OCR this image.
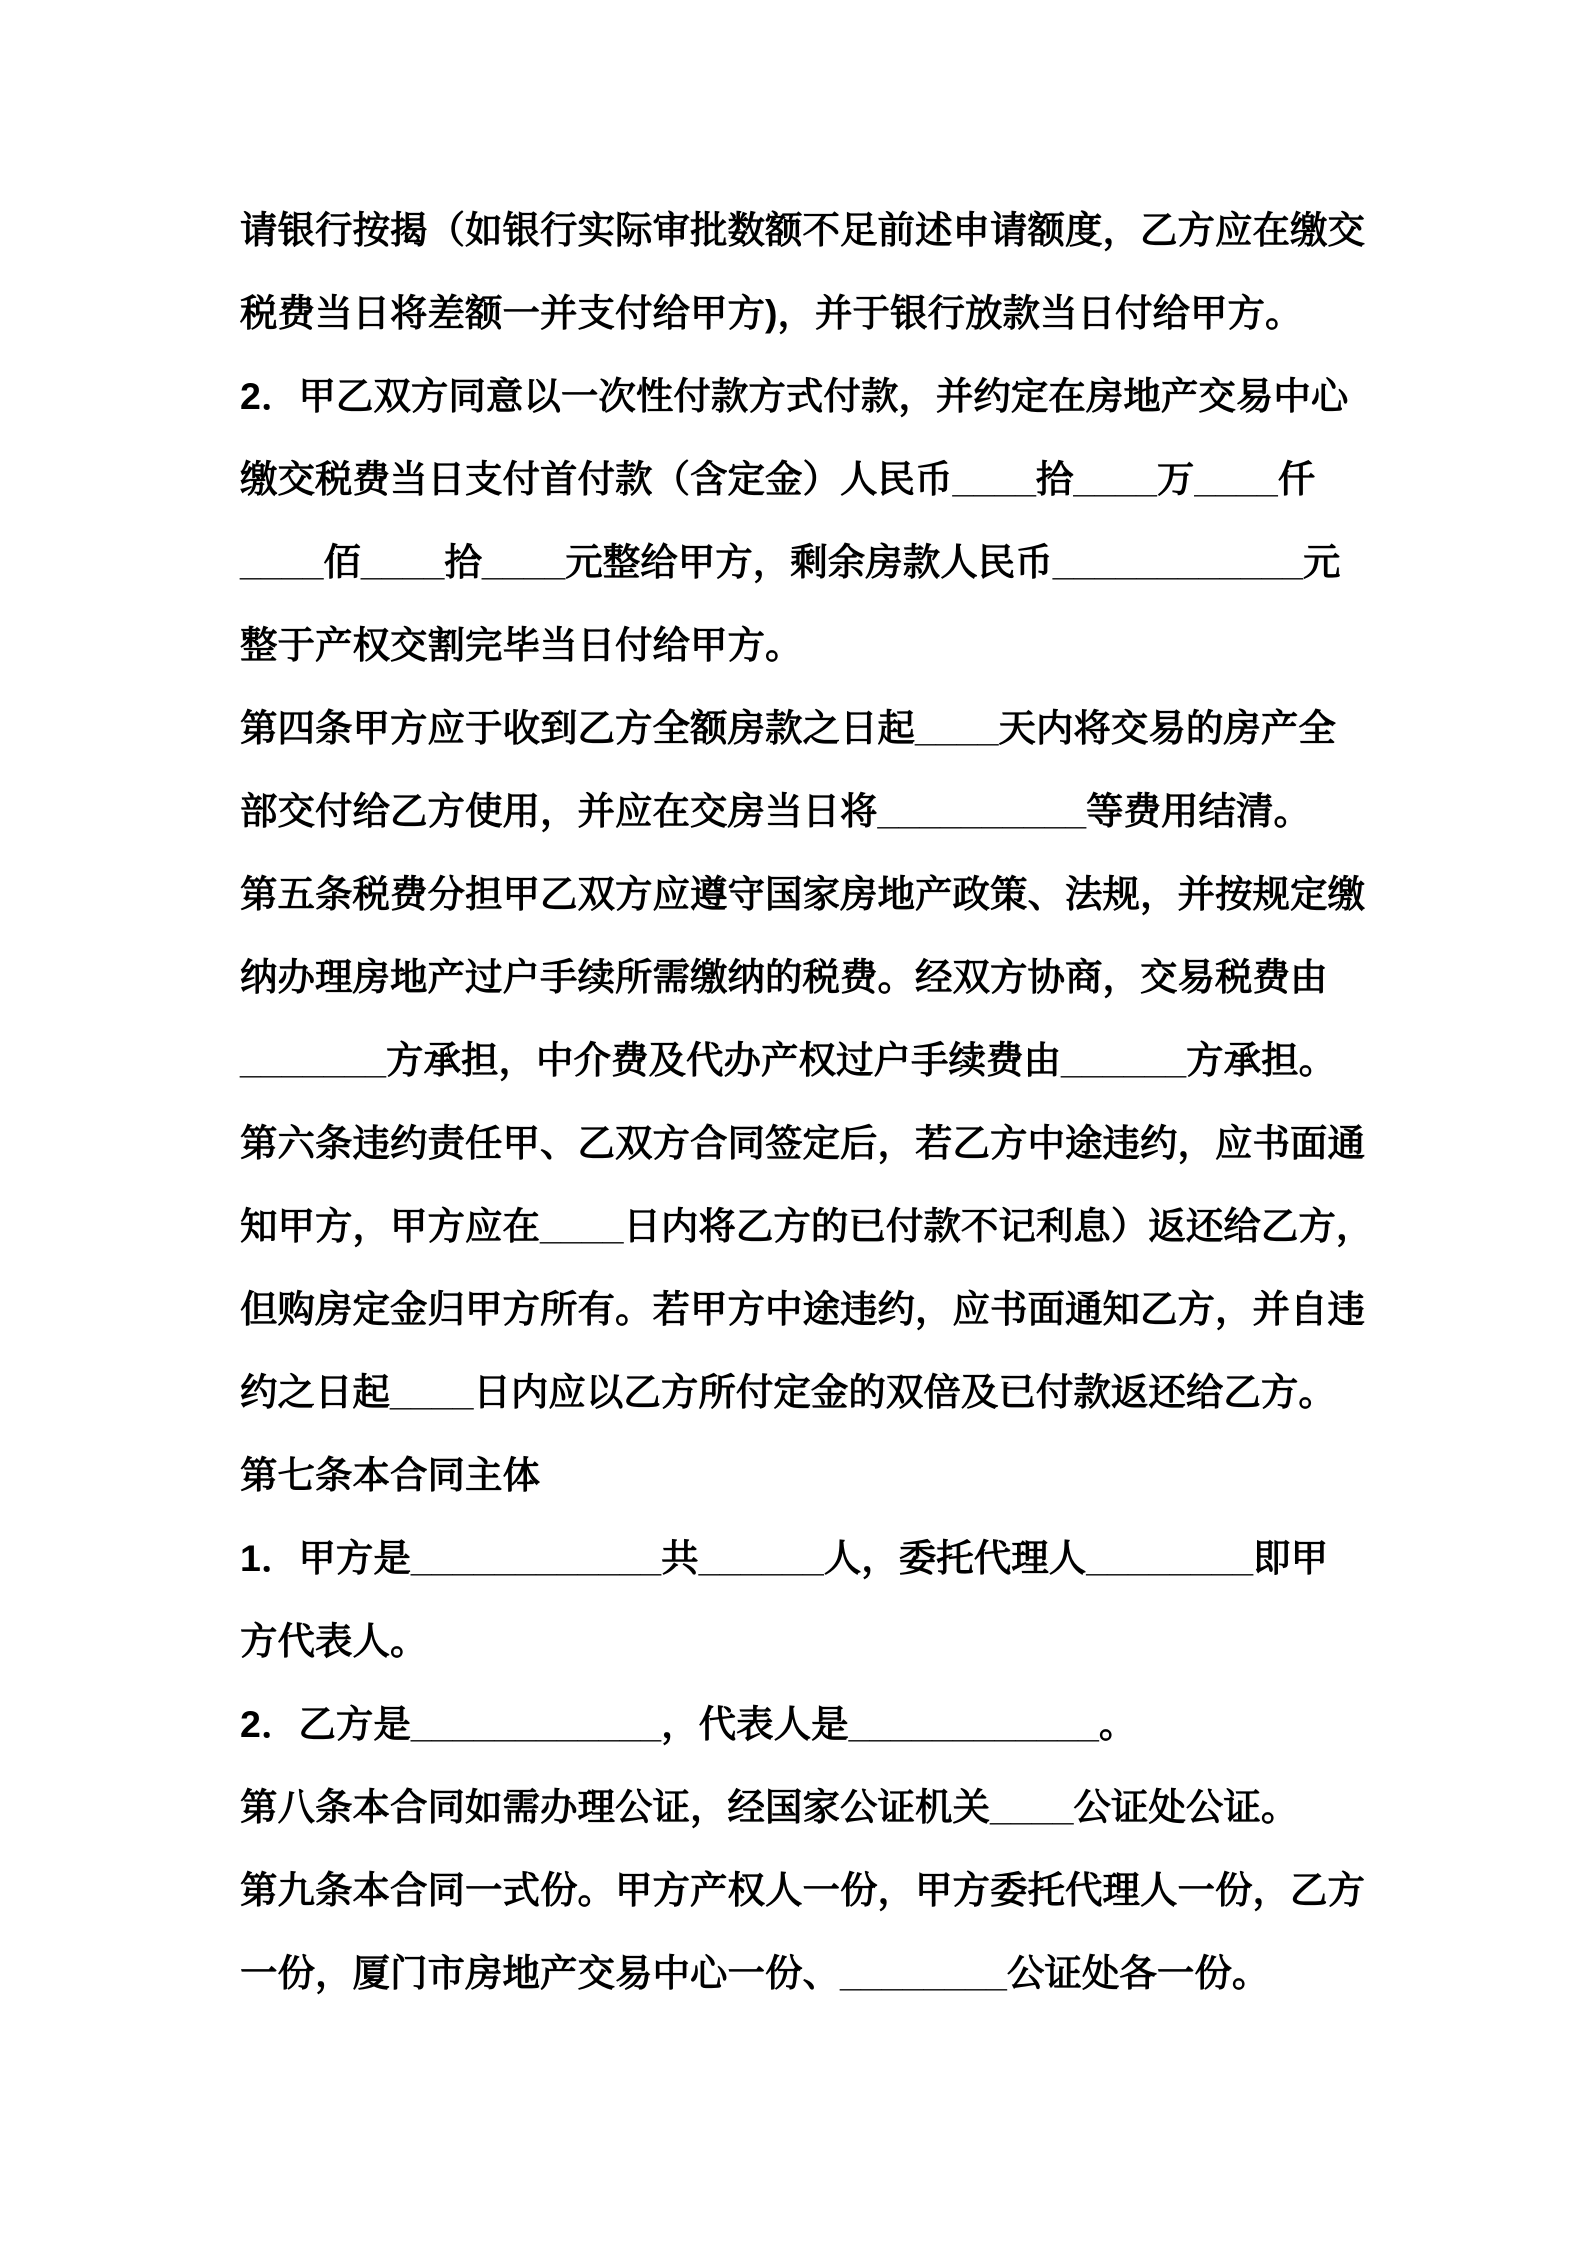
请银行按揭（如银行实际审批数额不足前述申请额度，乙方应在缴交
税费当日将差额一并支付给甲方)，并于银行放款当日付给甲方。
2．甲乙双方同意以一次性付款方式付款，并约定在房地产交易中心
缴交税费当日支付首付款（含定金）人民币____拾____万____仟
____佰____拾____元整给甲方，剩余房款人民币____________元
整于产权交割完毕当日付给甲方。
第四条甲方应于收到乙方全额房款之日起____天内将交易的房产全
部交付给乙方使用，并应在交房当日将__________等费用结清。
第五条税费分担甲乙双方应遵守国家房地产政策、法规，并按规定缴
纳办理房地产过户手续所需缴纳的税费。经双方协商，交易税费由
_______方承担，中介费及代办产权过户手续费由______方承担。
第六条违约责任甲、乙双方合同签定后，若乙方中途违约，应书面通
知甲方，甲方应在____日内将乙方的已付款不记利息）返还给乙方，
但购房定金归甲方所有。若甲方中途违约，应书面通知乙方，并自违
约之日起____日内应以乙方所付定金的双倍及已付款返还给乙方。
第七条本合同主体
1．甲方是____________共______人，委托代理人________即甲
方代表人。
2．乙方是____________，代表人是____________。
第八条本合同如需办理公证，经国家公证机关____公证处公证。
第九条本合同一式份。甲方产权人一份，甲方委托代理人一份，乙方
一份，厦门市房地产交易中心一份、________公证处各一份。
